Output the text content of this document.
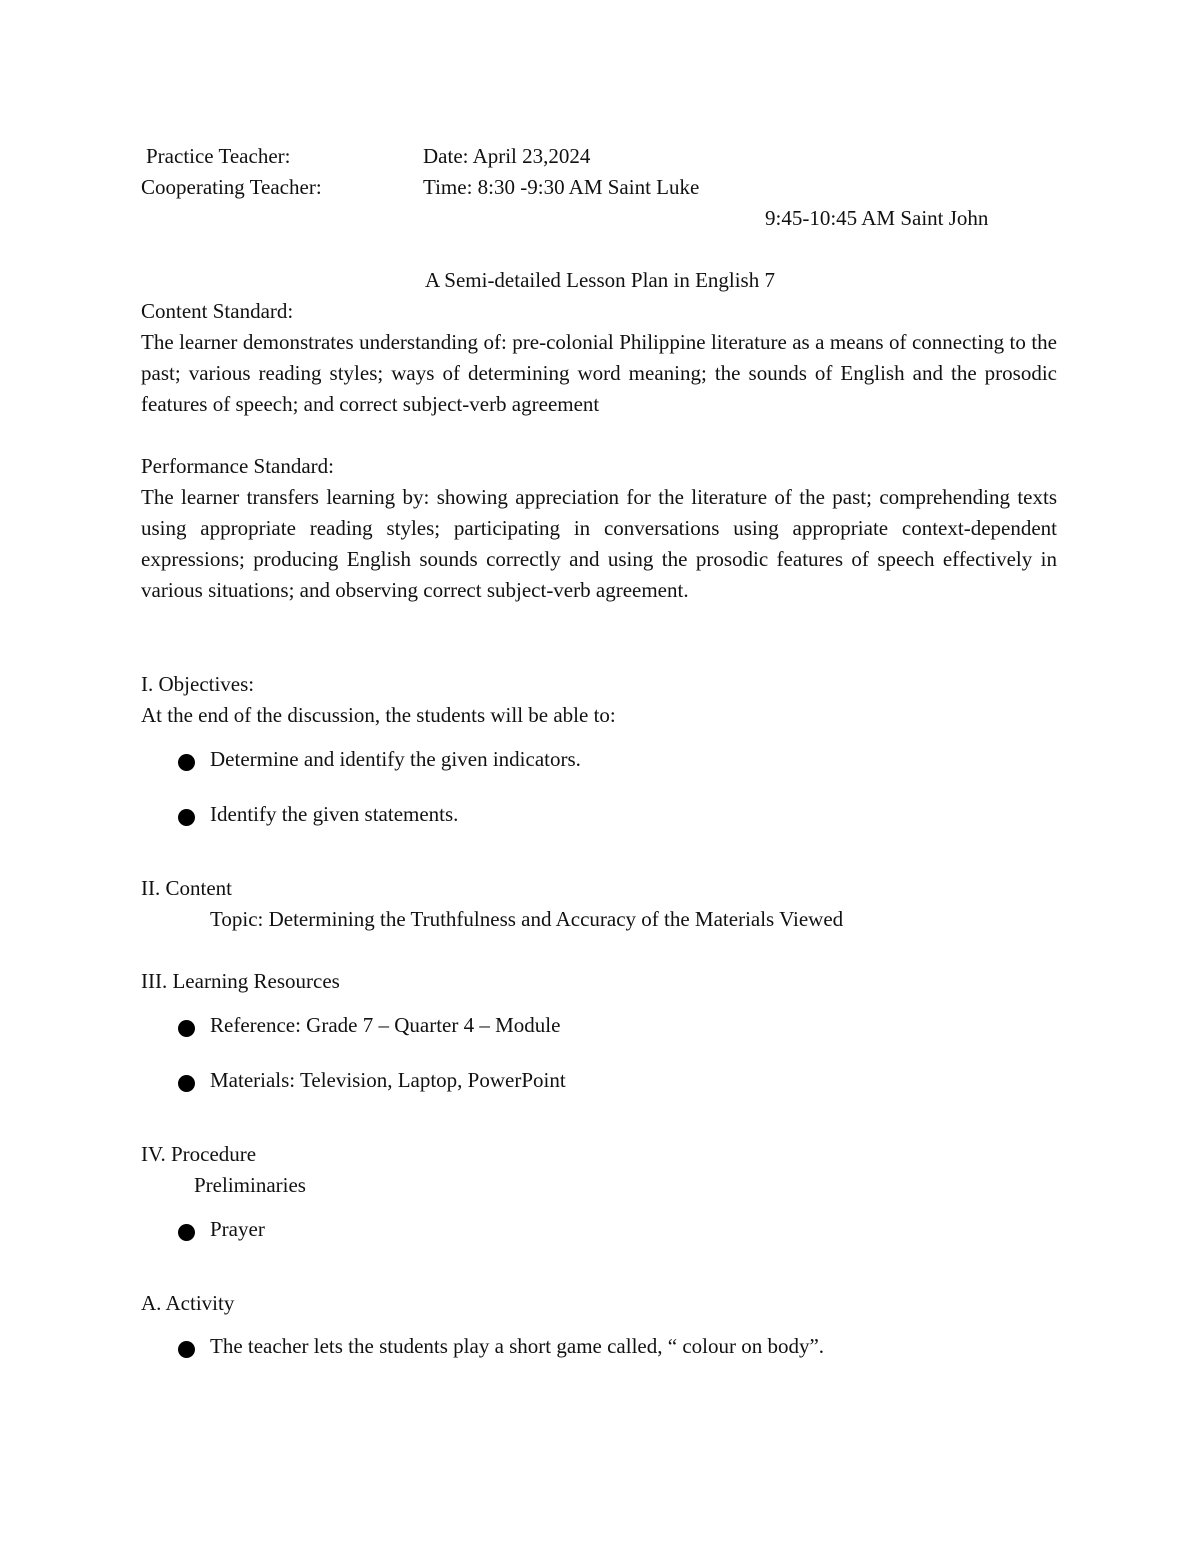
Practice Teacher:
Cooperating Teacher:
Date: April 23,2024
Time: 8:30 -9:30 AM Saint Luke
9:45-10:45 AM Saint John
A Semi-detailed Lesson Plan in English 7
Content Standard:
The learner demonstrates understanding of: pre-colonial Philippine literature as a means of connecting to the past; various reading styles; ways of determining word meaning; the sounds of English and the prosodic features of speech; and correct subject-verb agreement
Performance Standard:
The learner transfers learning by: showing appreciation for the literature of the past; comprehending texts using appropriate reading styles; participating in conversations using appropriate context-dependent expressions; producing English sounds correctly and using the prosodic features of speech effectively in various situations; and observing correct subject-verb agreement.
I. Objectives:
At the end of the discussion, the students will be able to:
Determine and identify the given indicators.
Identify the given statements.
II. Content
Topic: Determining the Truthfulness and Accuracy of the Materials Viewed
III. Learning Resources
Reference: Grade 7 – Quarter 4 – Module
Materials: Television, Laptop, PowerPoint
IV. Procedure
Preliminaries
Prayer
A. Activity
The teacher lets the students play a short game called, “ colour on body”.
